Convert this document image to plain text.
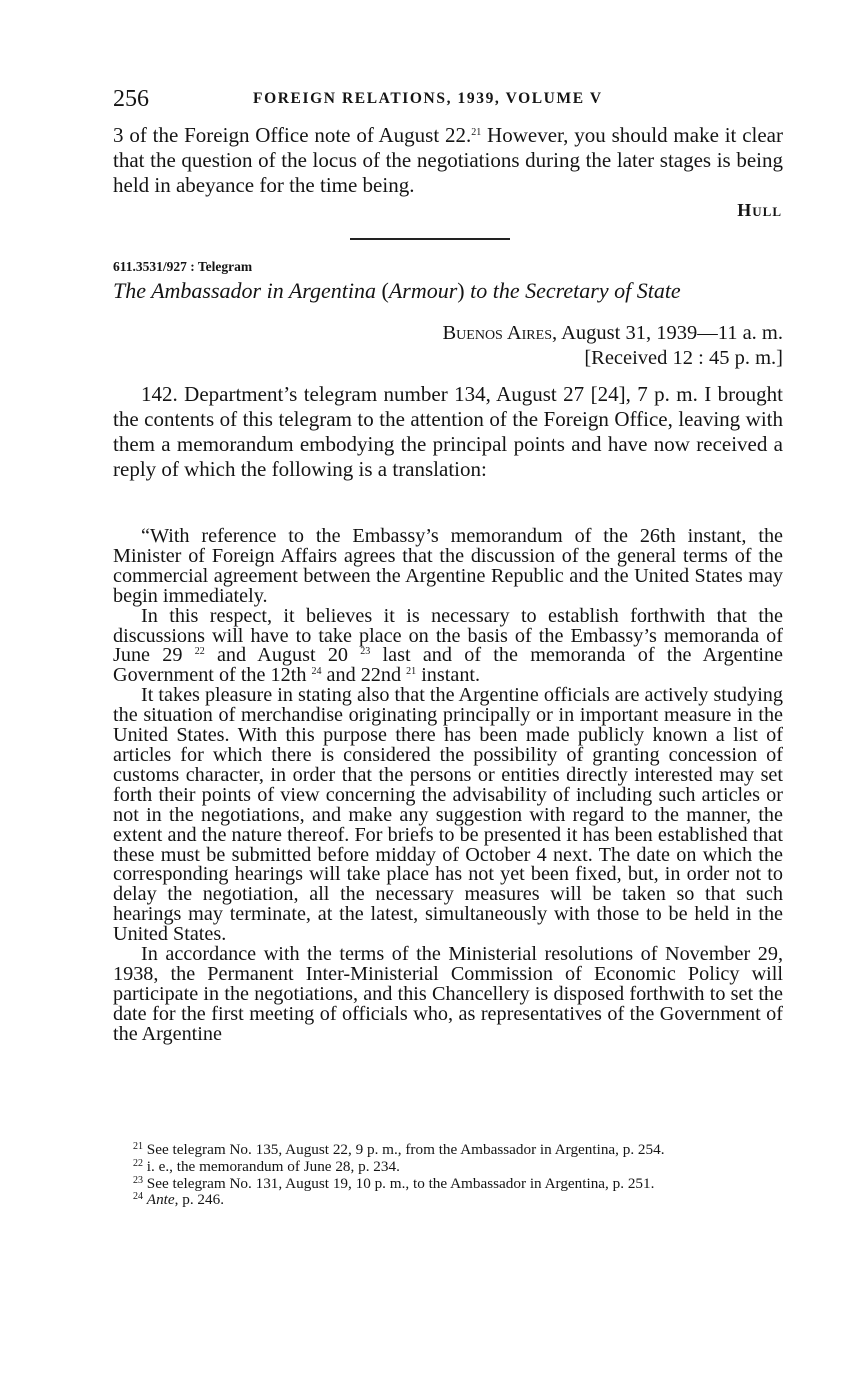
256	FOREIGN RELATIONS, 1939, VOLUME V

3 of the Foreign Office note of August 22.21 However, you should make it clear that the question of the locus of the negotiations during the later stages is being held in abeyance for the time being.

Hull
611.3531/927 : Telegram
The Ambassador in Argentina (Armour) to the Secretary of State
Buenos Aires, August 31, 1939—11 a. m.
[Received 12 : 45 p. m.]

142. Department’s telegram number 134, August 27 [24], 7 p. m. I brought the contents of this telegram to the attention of the Foreign Office, leaving with them a memorandum embodying the principal points and have now received a reply of which the following is a translation:

“With reference to the Embassy’s memorandum of the 26th instant, the Minister of Foreign Affairs agrees that the discussion of the general terms of the commercial agreement between the Argentine Republic and the United States may begin immediately.

In this respect, it believes it is necessary to establish forthwith that the discussions will have to take place on the basis of the Embassy’s memoranda of June 29 $^{22}$ and August 20 $^{23}$ last and of the memoranda of the Argentine Government of the 12th $^{24}$ and 22nd $^{21}$ instant.

It takes pleasure in stating also that the Argentine officials are actively studying the situation of merchandise originating principally or in important measure in the United States. With this purpose there has been made publicly known a list of articles for which there is considered the possibility of granting concession of customs character, in order that the persons or entities directly interested may set forth their points of view concerning the advisability of including such articles or not in the negotiations, and make any suggestion with regard to the manner, the extent and the nature thereof. For briefs to be presented it has been established that these must be submitted before midday of October 4 next. The date on which the corresponding hearings will take place has not yet been fixed, but, in order not to delay the negotiation, all the necessary measures will be taken so that such hearings may terminate, at the latest, simultaneously with those to be held in the United States.

In accordance with the terms of the Ministerial resolutions of November 29, 1938, the Permanent Inter-Ministerial Commission of Economic Policy will participate in the negotiations, and this Chancellery is disposed forthwith to set the date for the first meeting of officials who, as representatives of the Government of the Argentine

$^{21}$ See telegram No. 135, August 22, 9 p. m., from the Ambassador in Argentina, p. 254.

$^{22}$ i. e., the memorandum of June 28, p. 234.

$^{23}$ See telegram No. 131, August 19, 10 p. m., to the Ambassador in Argentina, p. 251.

$^{24}$ Ante, p. 246.
